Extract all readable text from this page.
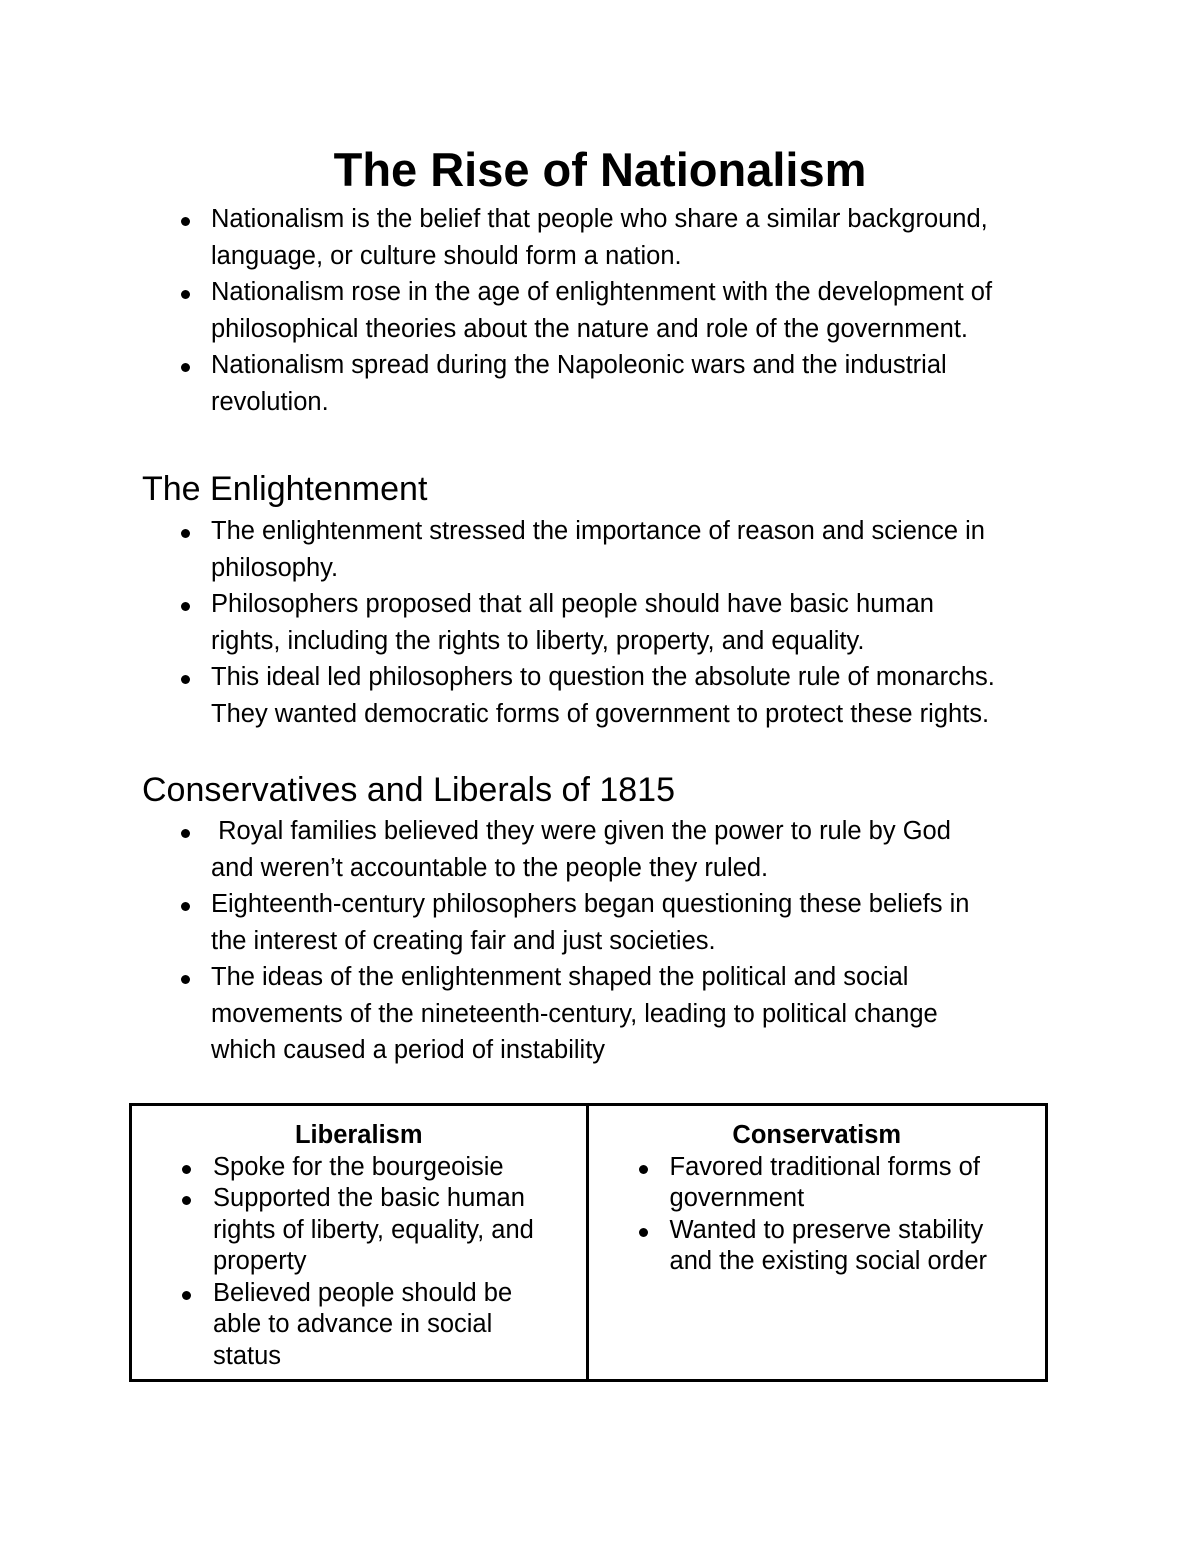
The Rise of Nationalism
Nationalism is the belief that people who share a similar background,
language, or culture should form a nation.
Nationalism rose in the age of enlightenment with the development of
philosophical theories about the nature and role of the government.
Nationalism spread during the Napoleonic wars and the industrial
revolution.
The Enlightenment
The enlightenment stressed the importance of reason and science in
philosophy.
Philosophers proposed that all people should have basic human
rights, including the rights to liberty, property, and equality.
This ideal led philosophers to question the absolute rule of monarchs.
They wanted democratic forms of government to protect these rights.
Conservatives and Liberals of 1815
Royal families believed they were given the power to rule by God
and weren’t accountable to the people they ruled.
Eighteenth-century philosophers began questioning these beliefs in
the interest of creating fair and just societies.
The ideas of the enlightenment shaped the political and social
movements of the nineteenth-century, leading to political change
which caused a period of instability
Liberalism
Spoke for the bourgeoisie
Supported the basic human rights of liberty, equality, and property
Believed people should be able to advance in social status
Conservatism
Favored traditional forms of government
Wanted to preserve stability and the existing social order
